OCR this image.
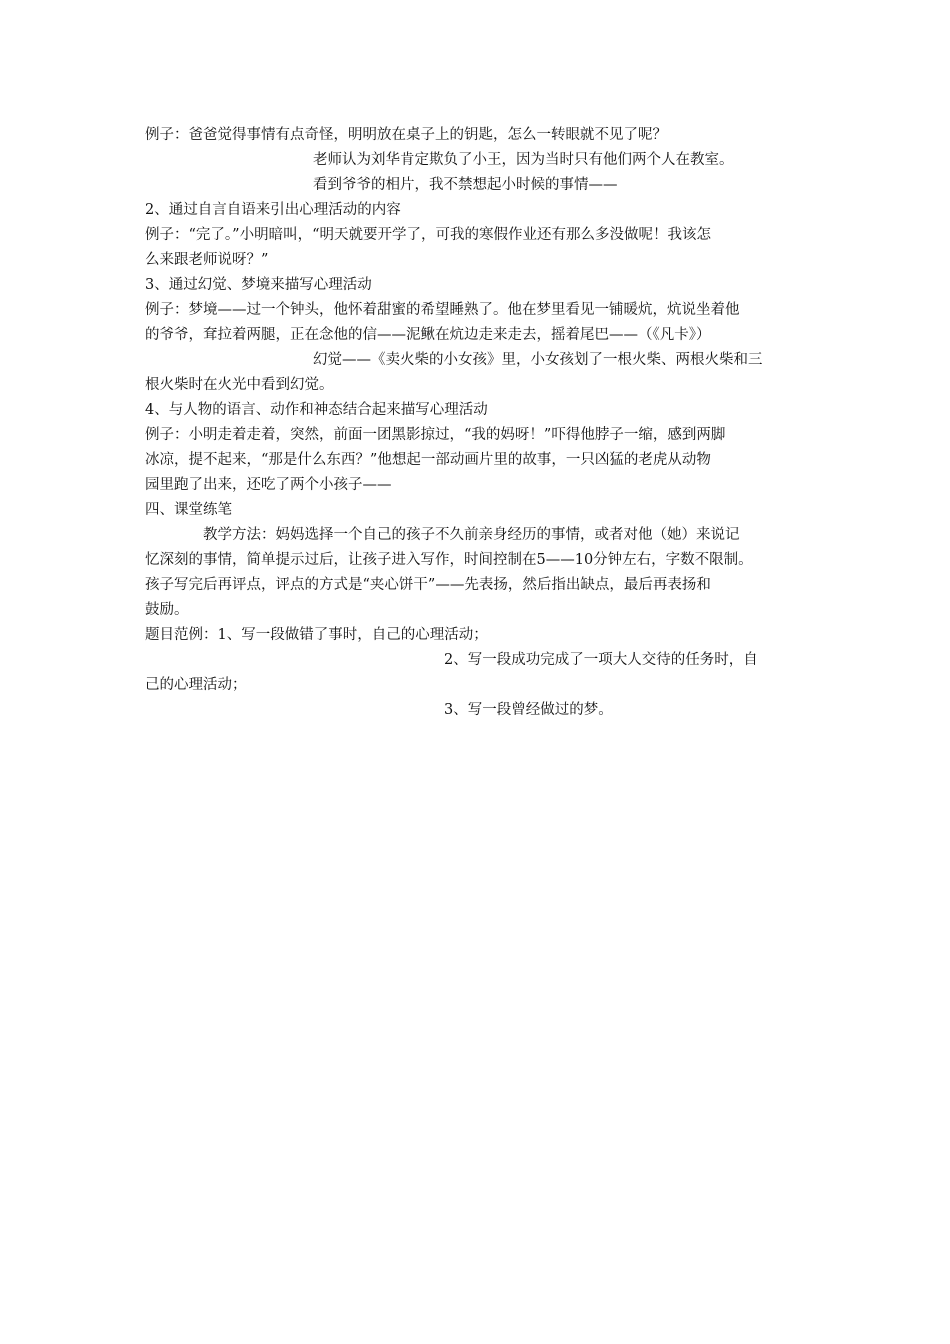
例子：爸爸觉得事情有点奇怪，明明放在桌子上的钥匙，怎么一转眼就不见了呢？
老师认为刘华肯定欺负了小王，因为当时只有他们两个人在教室。
看到爷爷的相片，我不禁想起小时候的事情——
2、通过自言自语来引出心理活动的内容
例子：“完了。”小明暗叫，“明天就要开学了，可我的寒假作业还有那么多没做呢！我该怎
么来跟老师说呀？”
3、通过幻觉、梦境来描写心理活动
例子：梦境——过一个钟头，他怀着甜蜜的希望睡熟了。他在梦里看见一铺暖炕，炕说坐着他
的爷爷，耷拉着两腿，正在念他的信——泥鳅在炕边走来走去，摇着尾巴——（《凡卡》）
幻觉——《卖火柴的小女孩》里，小女孩划了一根火柴、两根火柴和三
根火柴时在火光中看到幻觉。
4、与人物的语言、动作和神态结合起来描写心理活动
例子：小明走着走着，突然，前面一团黑影掠过，“我的妈呀！”吓得他脖子一缩，感到两脚
冰凉，提不起来，“那是什么东西？”他想起一部动画片里的故事，一只凶猛的老虎从动物
园里跑了出来，还吃了两个小孩子——
四、课堂练笔
教学方法：妈妈选择一个自己的孩子不久前亲身经历的事情，或者对他（她）来说记
忆深刻的事情，简单提示过后，让孩子进入写作，时间控制在5——10分钟左右，字数不限制。
孩子写完后再评点，评点的方式是“夹心饼干”——先表扬，然后指出缺点，最后再表扬和
鼓励。
题目范例：1、写一段做错了事时，自己的心理活动；
2、写一段成功完成了一项大人交待的任务时，自
己的心理活动；
3、写一段曾经做过的梦。
